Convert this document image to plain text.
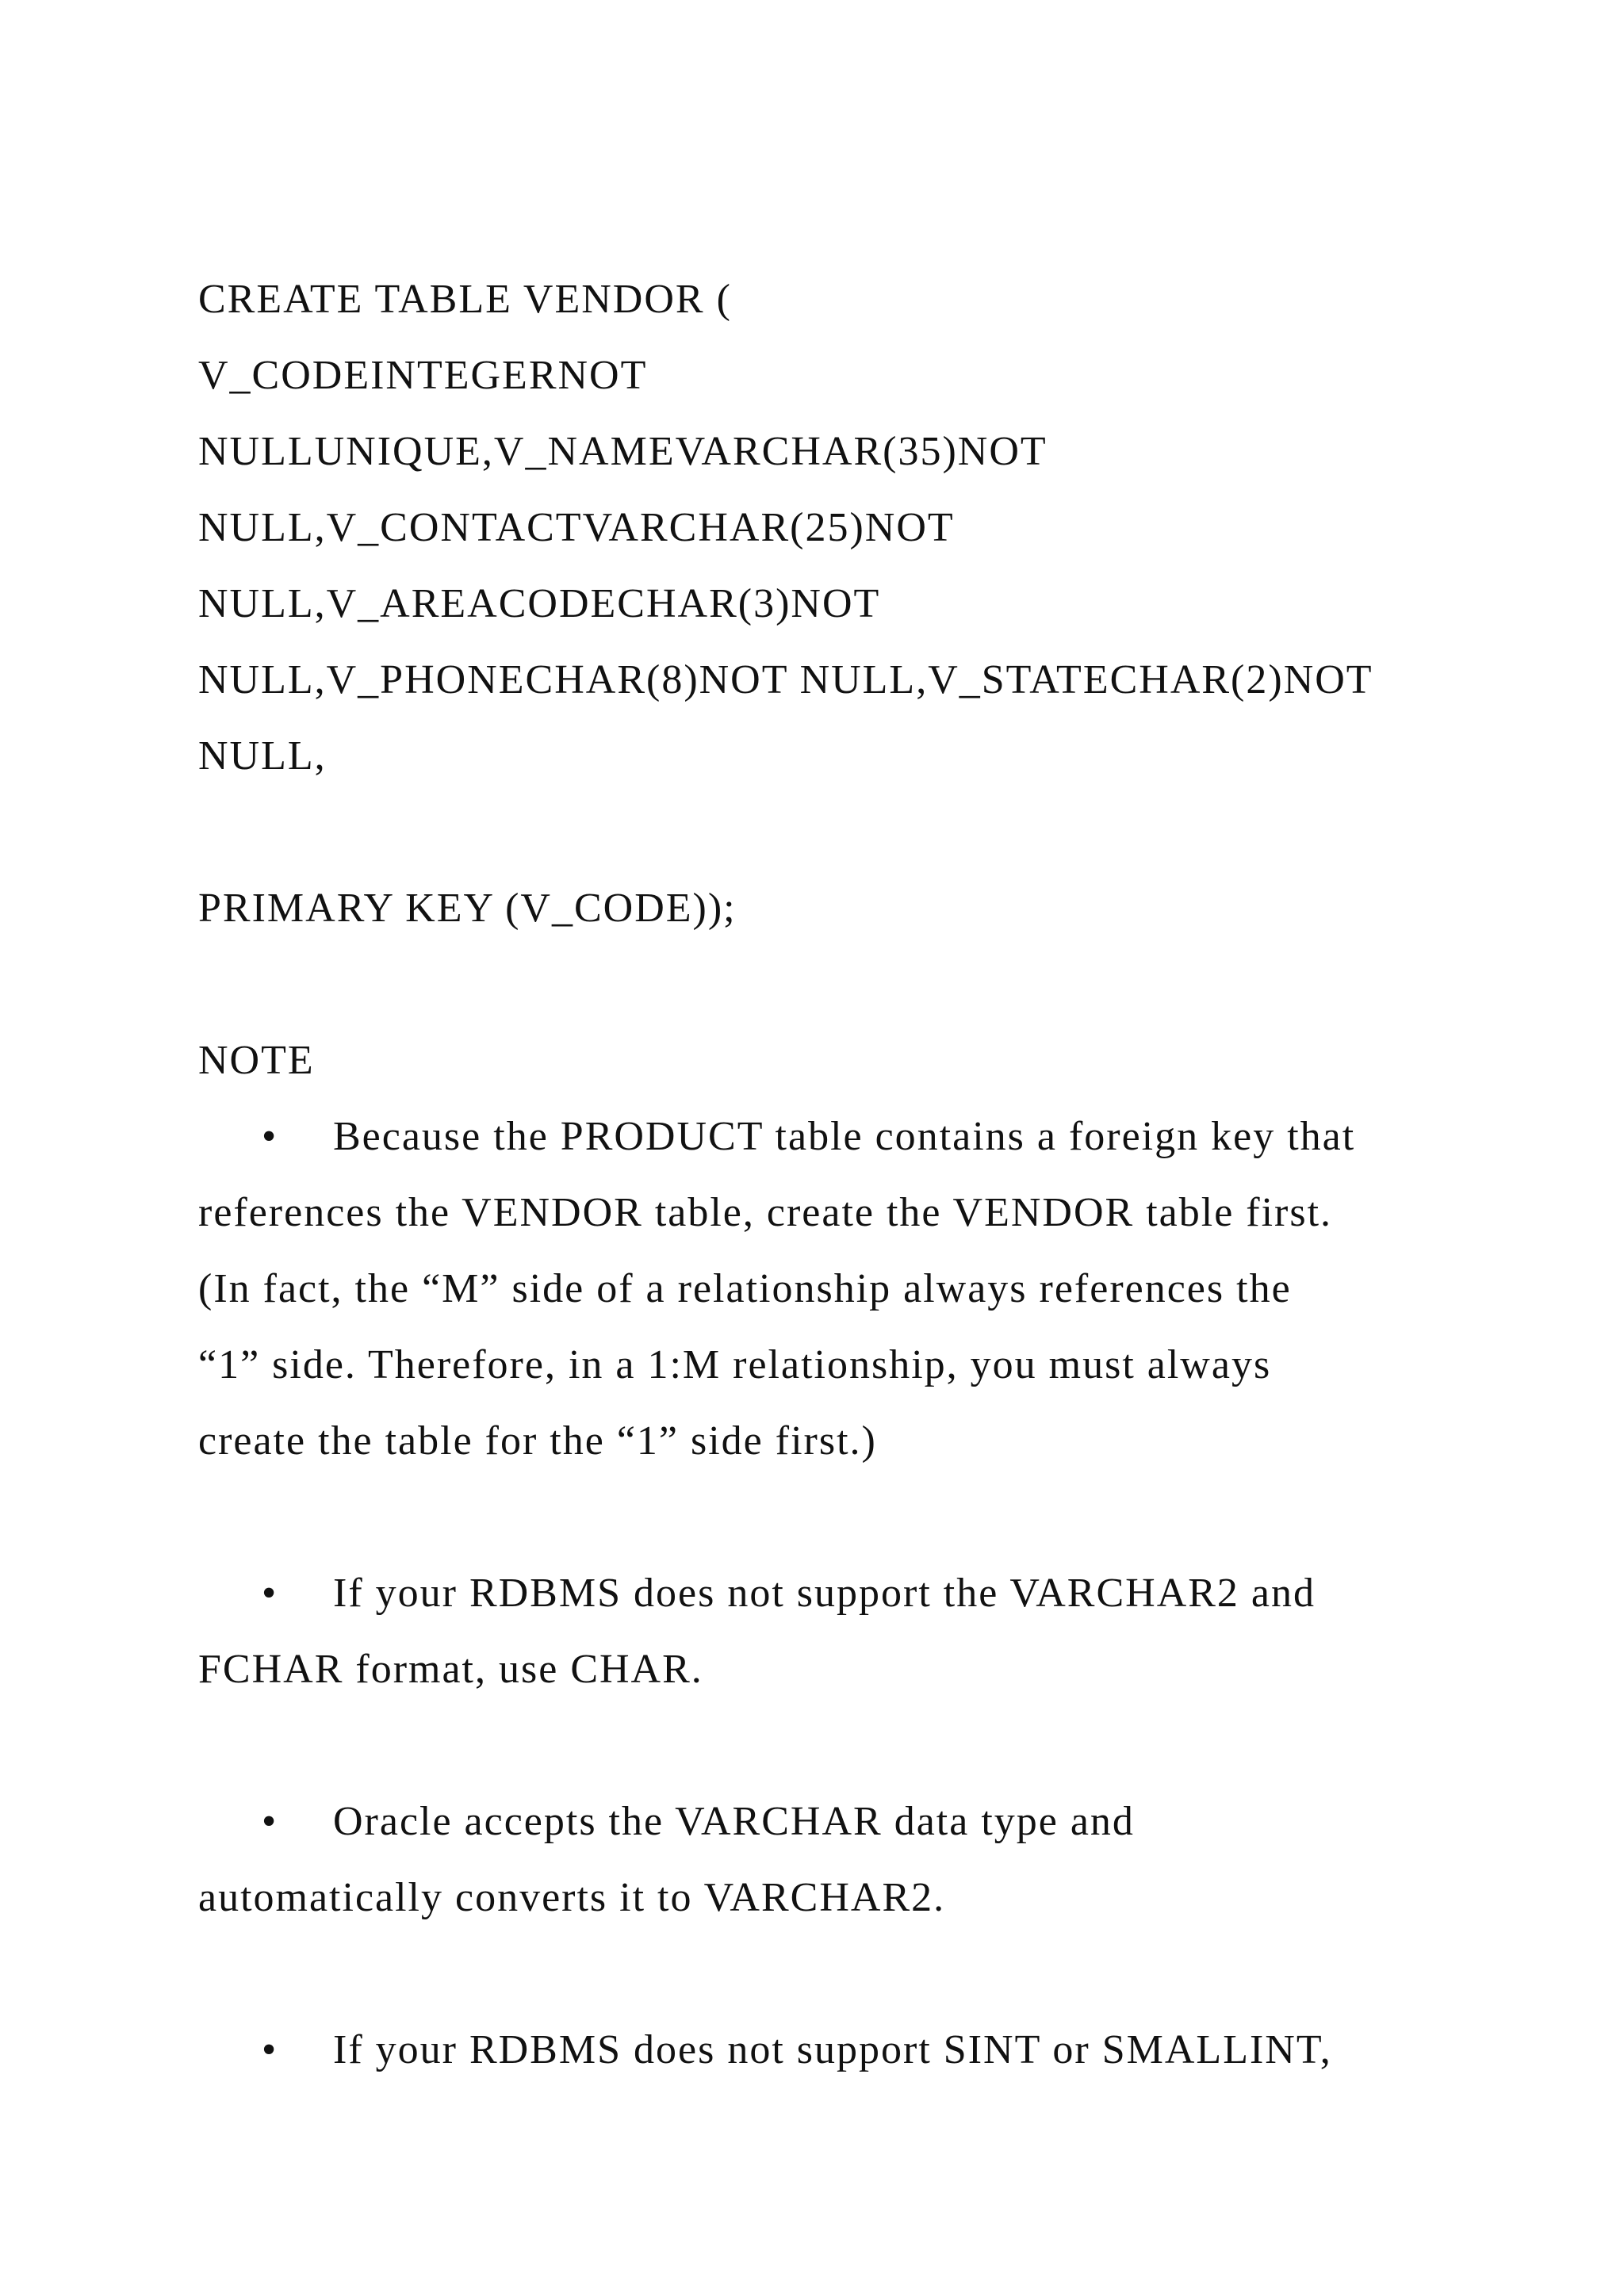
CREATE TABLE VENDOR (
V_CODEINTEGERNOT
NULLUNIQUE,V_NAMEVARCHAR(35)NOT
NULL,V_CONTACTVARCHAR(25)NOT
NULL,V_AREACODECHAR(3)NOT
NULL,V_PHONECHAR(8)NOT NULL,V_STATECHAR(2)NOT
NULL,
PRIMARY KEY (V_CODE));
NOTE
• Because the PRODUCT table contains a foreign key that
references the VENDOR table, create the VENDOR table first.
(In fact, the “M” side of a relationship always references the
“1” side. Therefore, in a 1:M relationship, you must always
create the table for the “1” side first.)
• If your RDBMS does not support the VARCHAR2 and
FCHAR format, use CHAR.
• Oracle accepts the VARCHAR data type and
automatically converts it to VARCHAR2.
• If your RDBMS does not support SINT or SMALLINT,
